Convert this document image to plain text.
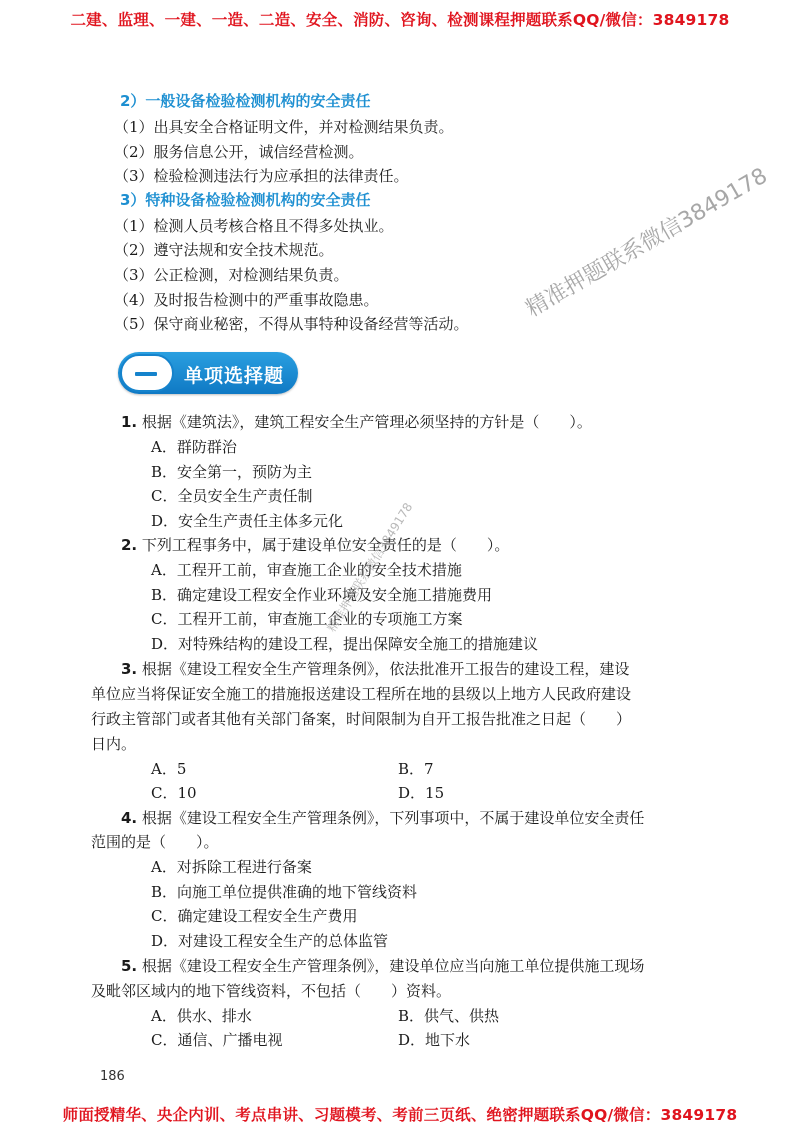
二建、监理、一建、一造、二造、安全、消防、咨询、检测课程押题联系QQ/微信：3849178
2）一般设备检验检测机构的安全责任
（1）出具安全合格证明文件，并对检测结果负责。
（2）服务信息公开，诚信经营检测。
（3）检验检测违法行为应承担的法律责任。
3）特种设备检验检测机构的安全责任
（1）检测人员考核合格且不得多处执业。
（2）遵守法规和安全技术规范。
（3）公正检测，对检测结果负责。
（4）及时报告检测中的严重事故隐患。
（5）保守商业秘密，不得从事特种设备经营等活动。
单项选择题
1. 根据《建筑法》，建筑工程安全生产管理必须坚持的方针是（　　）。
A．群防群治
B．安全第一，预防为主
C．全员安全生产责任制
D．安全生产责任主体多元化
2. 下列工程事务中，属于建设单位安全责任的是（　　）。
A．工程开工前，审查施工企业的安全技术措施
B．确定建设工程安全作业环境及安全施工措施费用
C．工程开工前，审查施工企业的专项施工方案
D．对特殊结构的建设工程，提出保障安全施工的措施建议
3. 根据《建设工程安全生产管理条例》，依法批准开工报告的建设工程，建设
单位应当将保证安全施工的措施报送建设工程所在地的县级以上地方人民政府建设
行政主管部门或者其他有关部门备案，时间限制为自开工报告批准之日起（　　）
日内。
A．5	B．7
C．10	D．15
4. 根据《建设工程安全生产管理条例》，下列事项中，不属于建设单位安全责任
范围的是（　　）。
A．对拆除工程进行备案
B．向施工单位提供准确的地下管线资料
C．确定建设工程安全生产费用
D．对建设工程安全生产的总体监管
5. 根据《建设工程安全生产管理条例》，建设单位应当向施工单位提供施工现场
及毗邻区域内的地下管线资料，不包括（　　）资料。
A．供水、排水	B．供气、供热
C．通信、广播电视	D．地下水
精准押题联系微信3849178
精准押题联系微信3849178
186
师面授精华、央企内训、考点串讲、习题模考、考前三页纸、绝密押题联系QQ/微信：3849178
